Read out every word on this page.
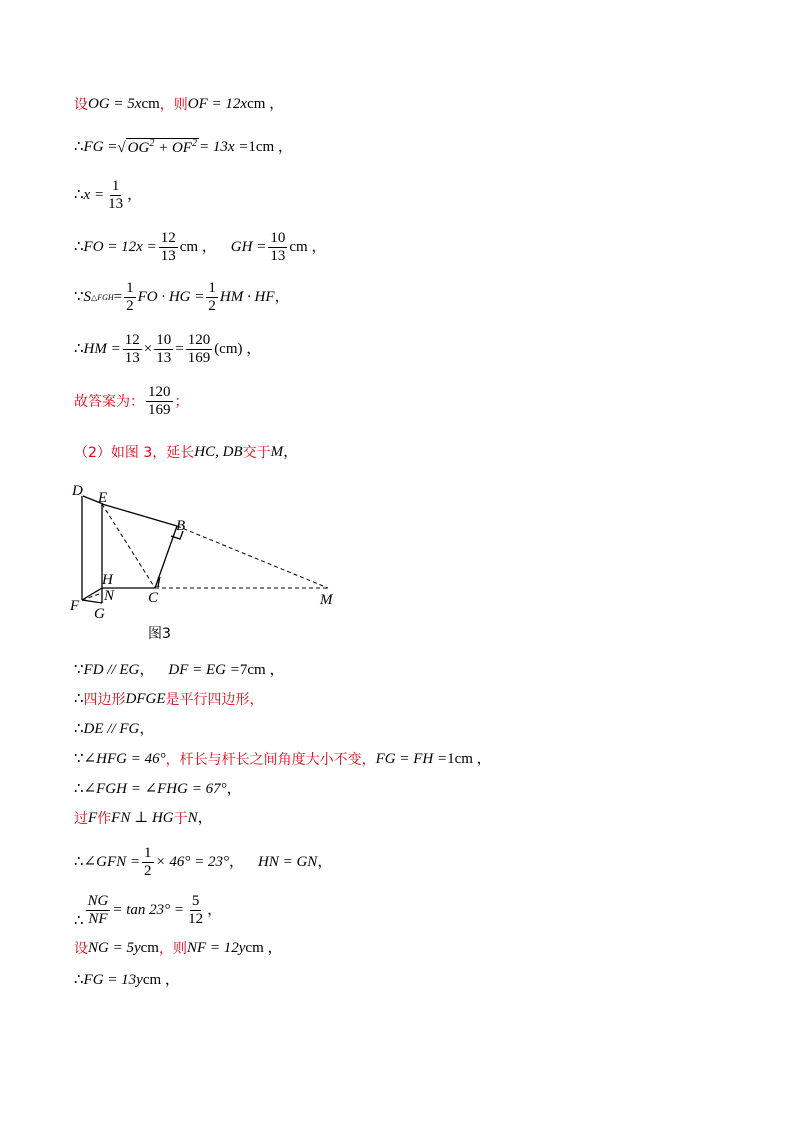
设 OG = 5x cm ，则 OF = 12x cm ，
∴ FG = √ $OG^2 + OF^2 = 13x = 1cm$ ，
∴ $x = \frac{1}{13}$ ，
∴ FO = $12x = \frac{12}{13}$ cm ， GH = $\frac{10}{13}$ cm ，
∵ S △FGH = $\frac{1}{2}$ FO · HG = $\frac{1}{2}$ HM · HF ，
∴ HM = $\frac{12}{13} \times \frac{10}{13} = \frac{120}{169} (cm)$ ，
故答案为： $\frac{120}{169}$ ；
（2）如图 3，延长 HC, DB 交于 M ，
D E
B
H
N C
I
M
F G
图3
∵ FD // EG ， DF = EG = 7cm ，
∴ 四边形 DFGE 是平行四边形，
∴ DE // FG ，
∵ ∠HFG = 46° ，杆长与杆长之间角度大小不变， FG = FH = 1cm ，
∴ ∠FGH = ∠FHG = 67° ，
过 F 作 FN ⊥ HG 于 N ，
∴ ∠GFN = $\frac{1}{2} \times 46^\circ = 23^\circ$ ， HN = GN ，
∴ $\frac{NG}{NF} = \tan 23^\circ = \frac{5}{12}$ ，
设 NG = 5y cm ，则 NF = 12y cm ，
∴ FG = 13y cm ，
